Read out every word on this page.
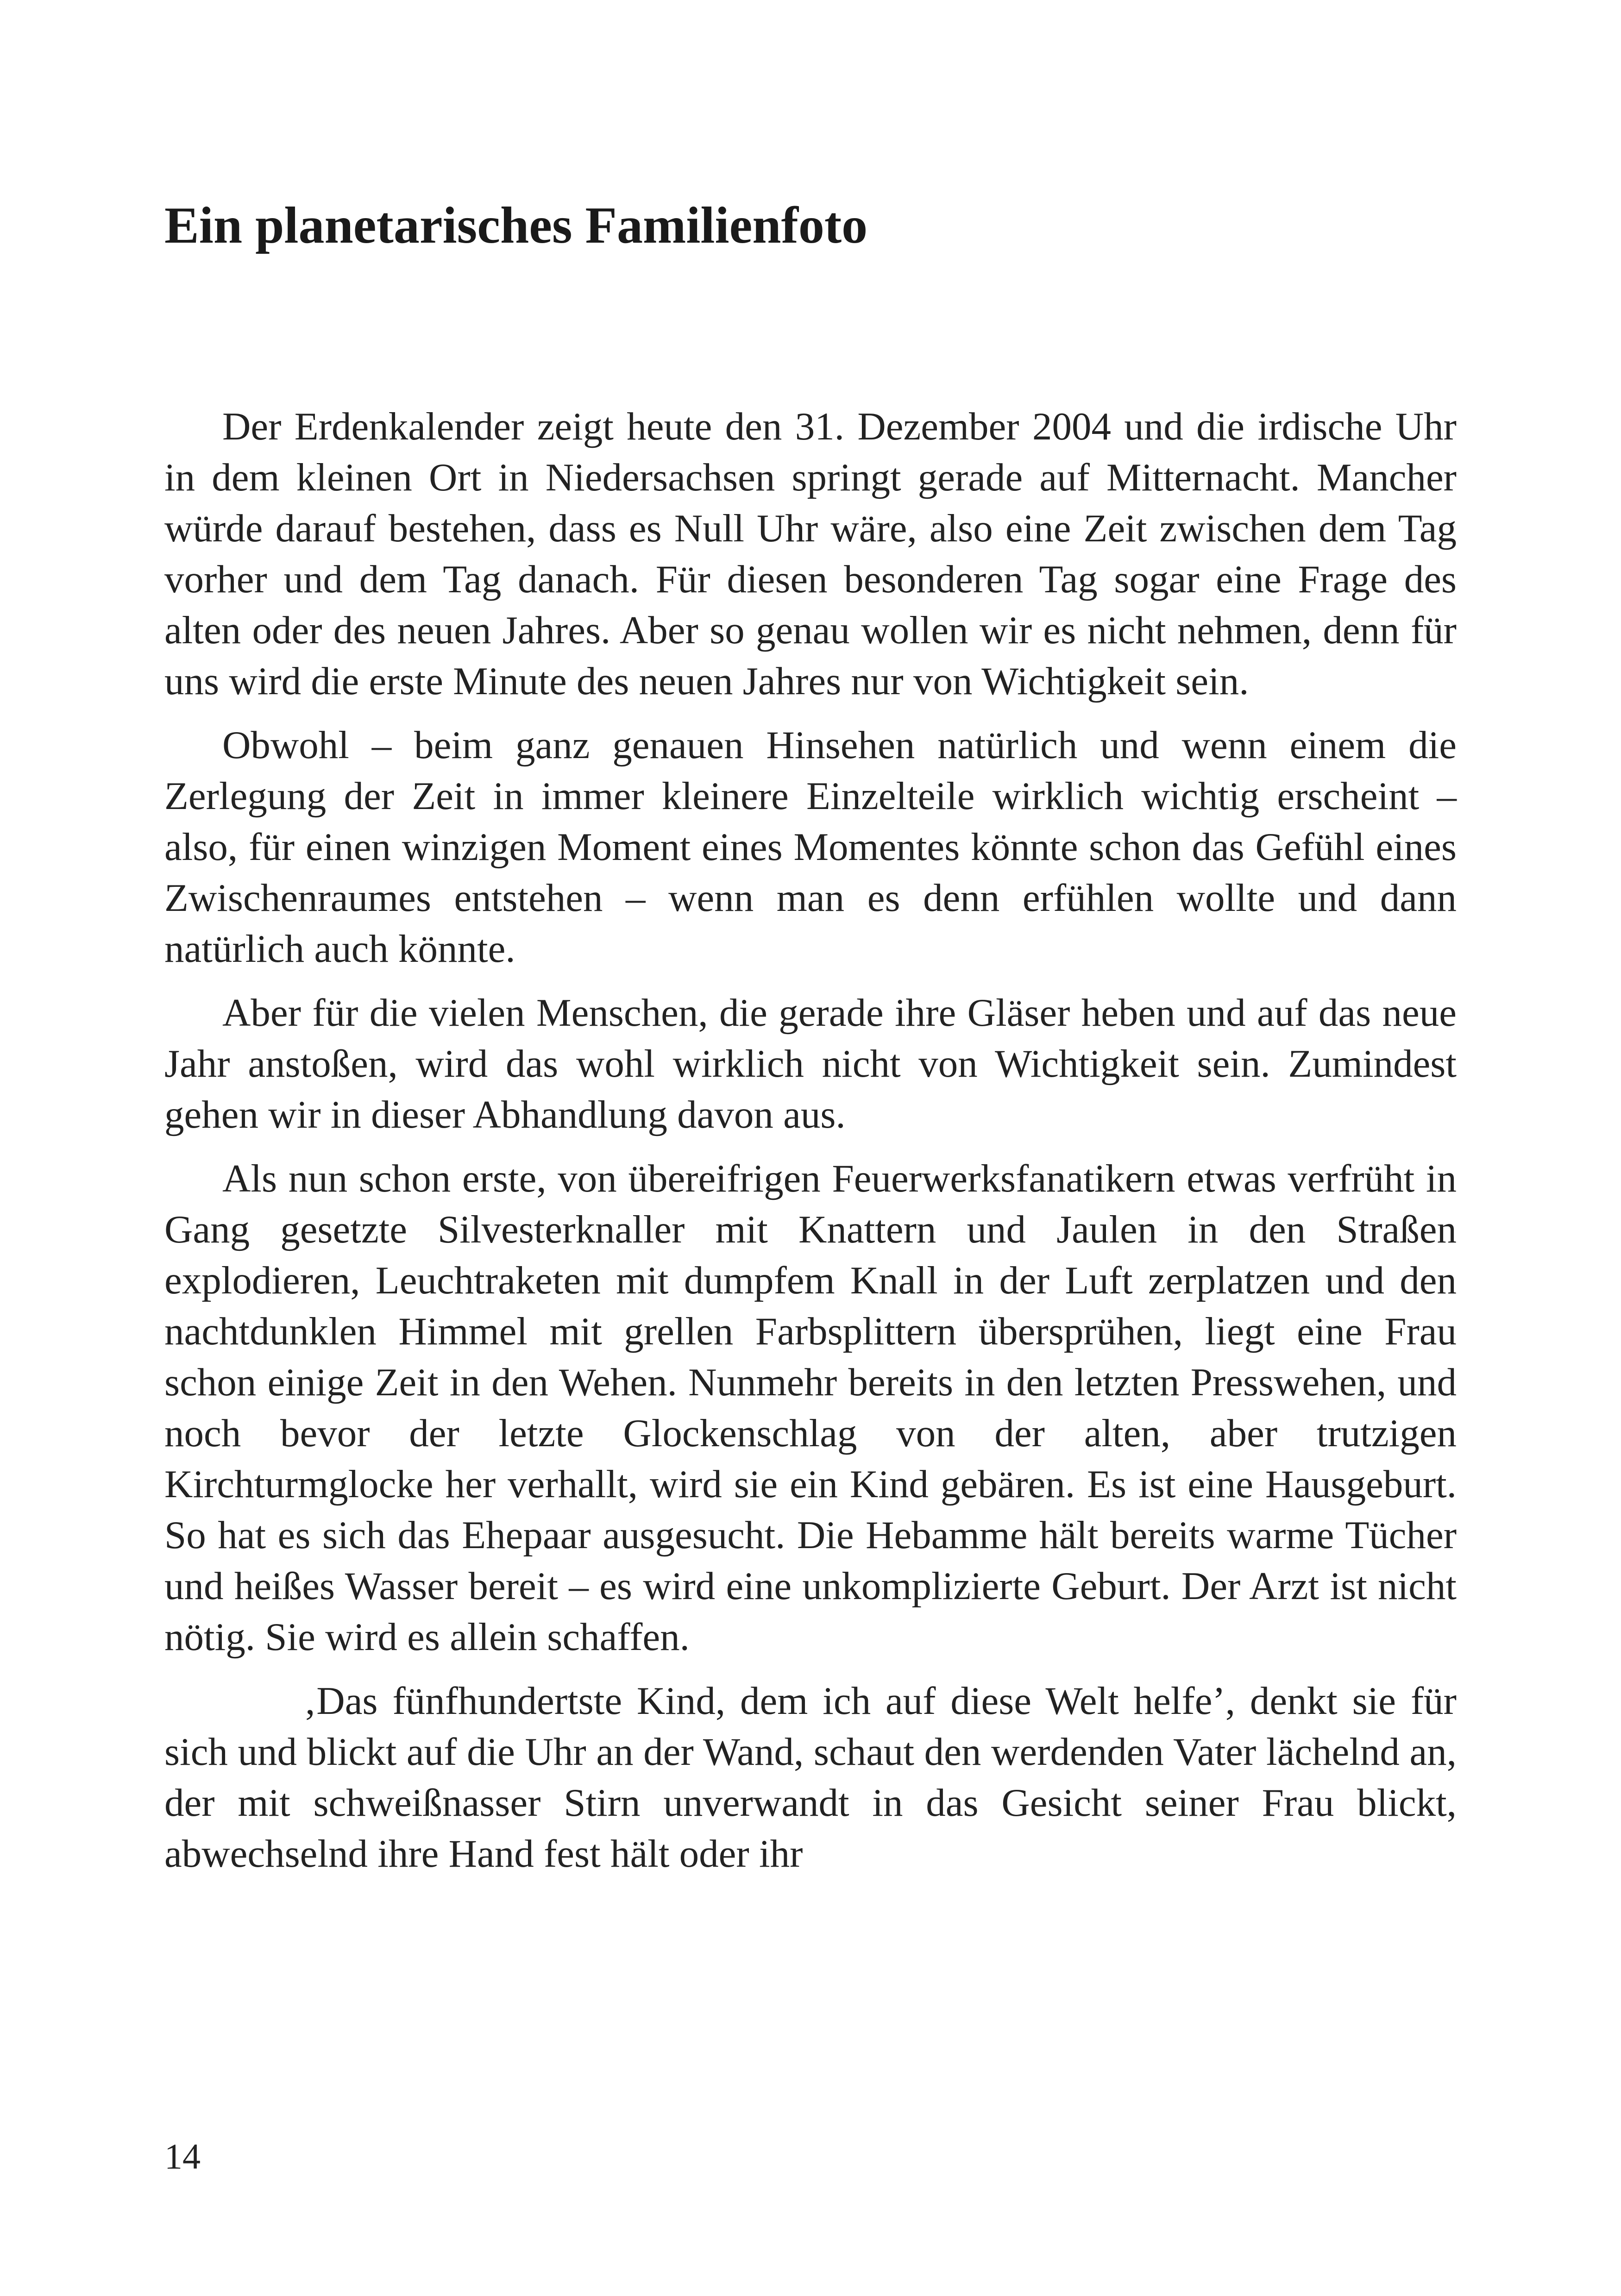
Ein planetarisches Familienfoto

Der Erdenkalender zeigt heute den 31. Dezember 2004 und die irdische Uhr in dem kleinen Ort in Niedersachsen springt gerade auf Mitternacht. Mancher würde darauf bestehen, dass es Null Uhr wäre, also eine Zeit zwischen dem Tag vorher und dem Tag danach. Für diesen besonderen Tag sogar eine Frage des alten oder des neuen Jahres. Aber so genau wollen wir es nicht nehmen, denn für uns wird die erste Minute des neuen Jahres nur von Wichtigkeit sein.

Obwohl – beim ganz genauen Hinsehen natürlich und wenn einem die Zerlegung der Zeit in immer kleinere Einzelteile wirklich wichtig erscheint – also, für einen winzigen Moment eines Momentes könnte schon das Gefühl eines Zwischenraumes entstehen – wenn man es denn erfühlen wollte und dann natürlich auch könnte.

Aber für die vielen Menschen, die gerade ihre Gläser heben und auf das neue Jahr anstoßen, wird das wohl wirklich nicht von Wichtigkeit sein. Zumindest gehen wir in dieser Abhandlung davon aus.

Als nun schon erste, von übereifrigen Feuerwerksfanatikern etwas verfrüht in Gang gesetzte Silvesterknaller mit Knattern und Jaulen in den Straßen explodieren, Leuchtraketen mit dumpfem Knall in der Luft zerplatzen und den nachtdunklen Himmel mit grellen Farbsplittern übersprühen, liegt eine Frau schon einige Zeit in den Wehen. Nunmehr bereits in den letzten Presswehen, und noch bevor der letzte Glockenschlag von der alten, aber trutzigen Kirchturmglocke her verhallt, wird sie ein Kind gebären. Es ist eine Hausgeburt. So hat es sich das Ehepaar ausgesucht. Die Hebamme hält bereits warme Tücher und heißes Wasser bereit – es wird eine unkomplizierte Geburt. Der Arzt ist nicht nötig. Sie wird es allein schaffen.

‚Das fünfhundertste Kind, dem ich auf diese Welt helfe’, denkt sie für sich und blickt auf die Uhr an der Wand, schaut den werdenden Vater lächelnd an, der mit schweißnasser Stirn unverwandt in das Gesicht seiner Frau blickt, abwechselnd ihre Hand fest hält oder ihr

14
